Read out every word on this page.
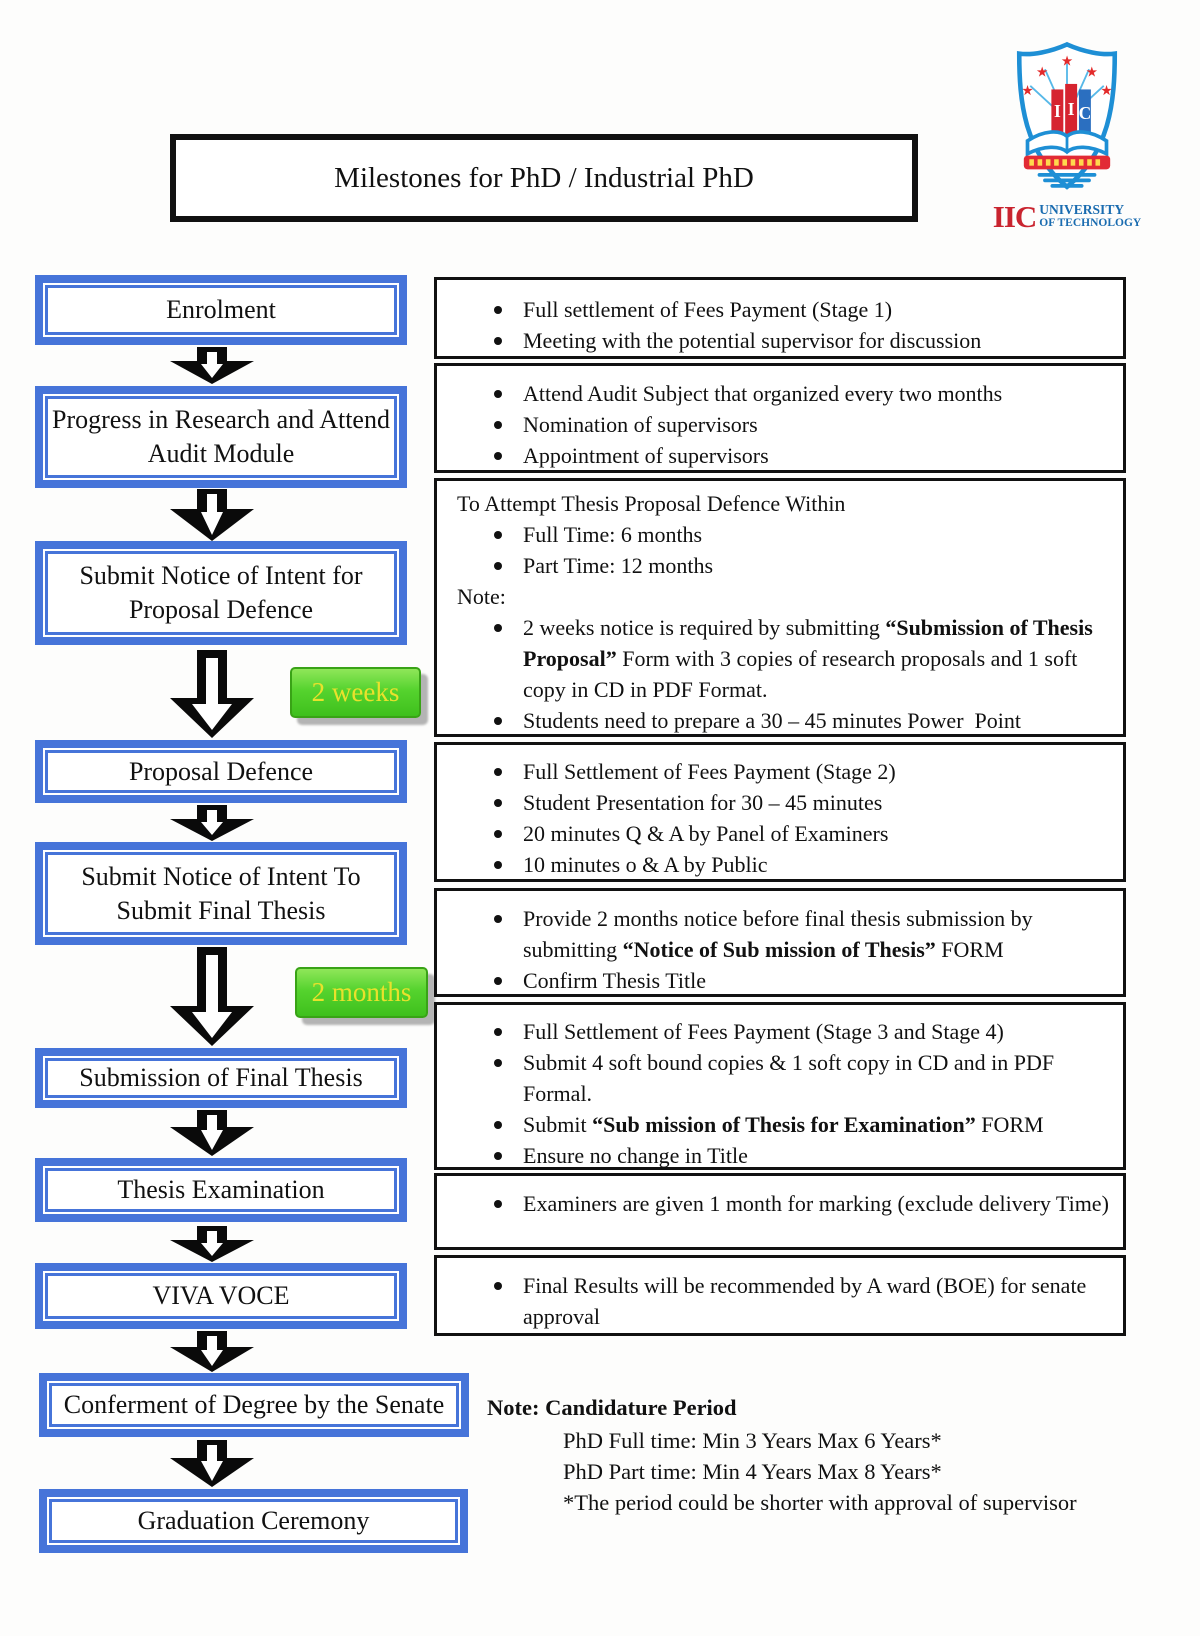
Milestones for PhD / Industrial PhD
★
★ ★
★	★
I I C
IIC UNIVERSITY
OF TECHNOLOGY
Enrolment
Progress in Research and Attend Audit Module
Submit Notice of Intent for Proposal Defence
Proposal Defence
Submit Notice of Intent To Submit Final Thesis
Submission of Final Thesis
Thesis Examination
VIVA VOCE
Conferment of Degree by the Senate
Graduation Ceremony
2 weeks
2 months
Full settlement of Fees Payment (Stage 1)
Meeting with the potential supervisor for discussion
Attend Audit Subject that organized every two months
Nomination of supervisors
Appointment of supervisors
To Attempt Thesis Proposal Defence Within
Full Time: 6 months
Part Time: 12 months
Note:
2 weeks notice is required by submitting “Submission of Thesis Proposal” Form with 3 copies of research proposals and 1 soft copy in CD in PDF Format.
Students need to prepare a 30 – 45 minutes Power  Point
Full Settlement of Fees Payment (Stage 2)
Student Presentation for 30 – 45 minutes
20 minutes Q & A by Panel of Examiners
10 minutes o & A by Public
Provide 2 months notice before final thesis submission by submitting “Notice of Sub mission of Thesis” FORM
Confirm Thesis Title
Full Settlement of Fees Payment (Stage 3 and Stage 4)
Submit 4 soft bound copies & 1 soft copy in CD and in PDF Formal.
Submit “Sub mission of Thesis for Examination” FORM
Ensure no change in Title
Examiners are given 1 month for marking (exclude delivery Time)
Final Results will be recommended by A ward (BOE) for senate approval
Note: Candidature Period
PhD Full time: Min 3 Years Max 6 Years*
PhD Part time: Min 4 Years Max 8 Years*
*The period could be shorter with approval of supervisor
